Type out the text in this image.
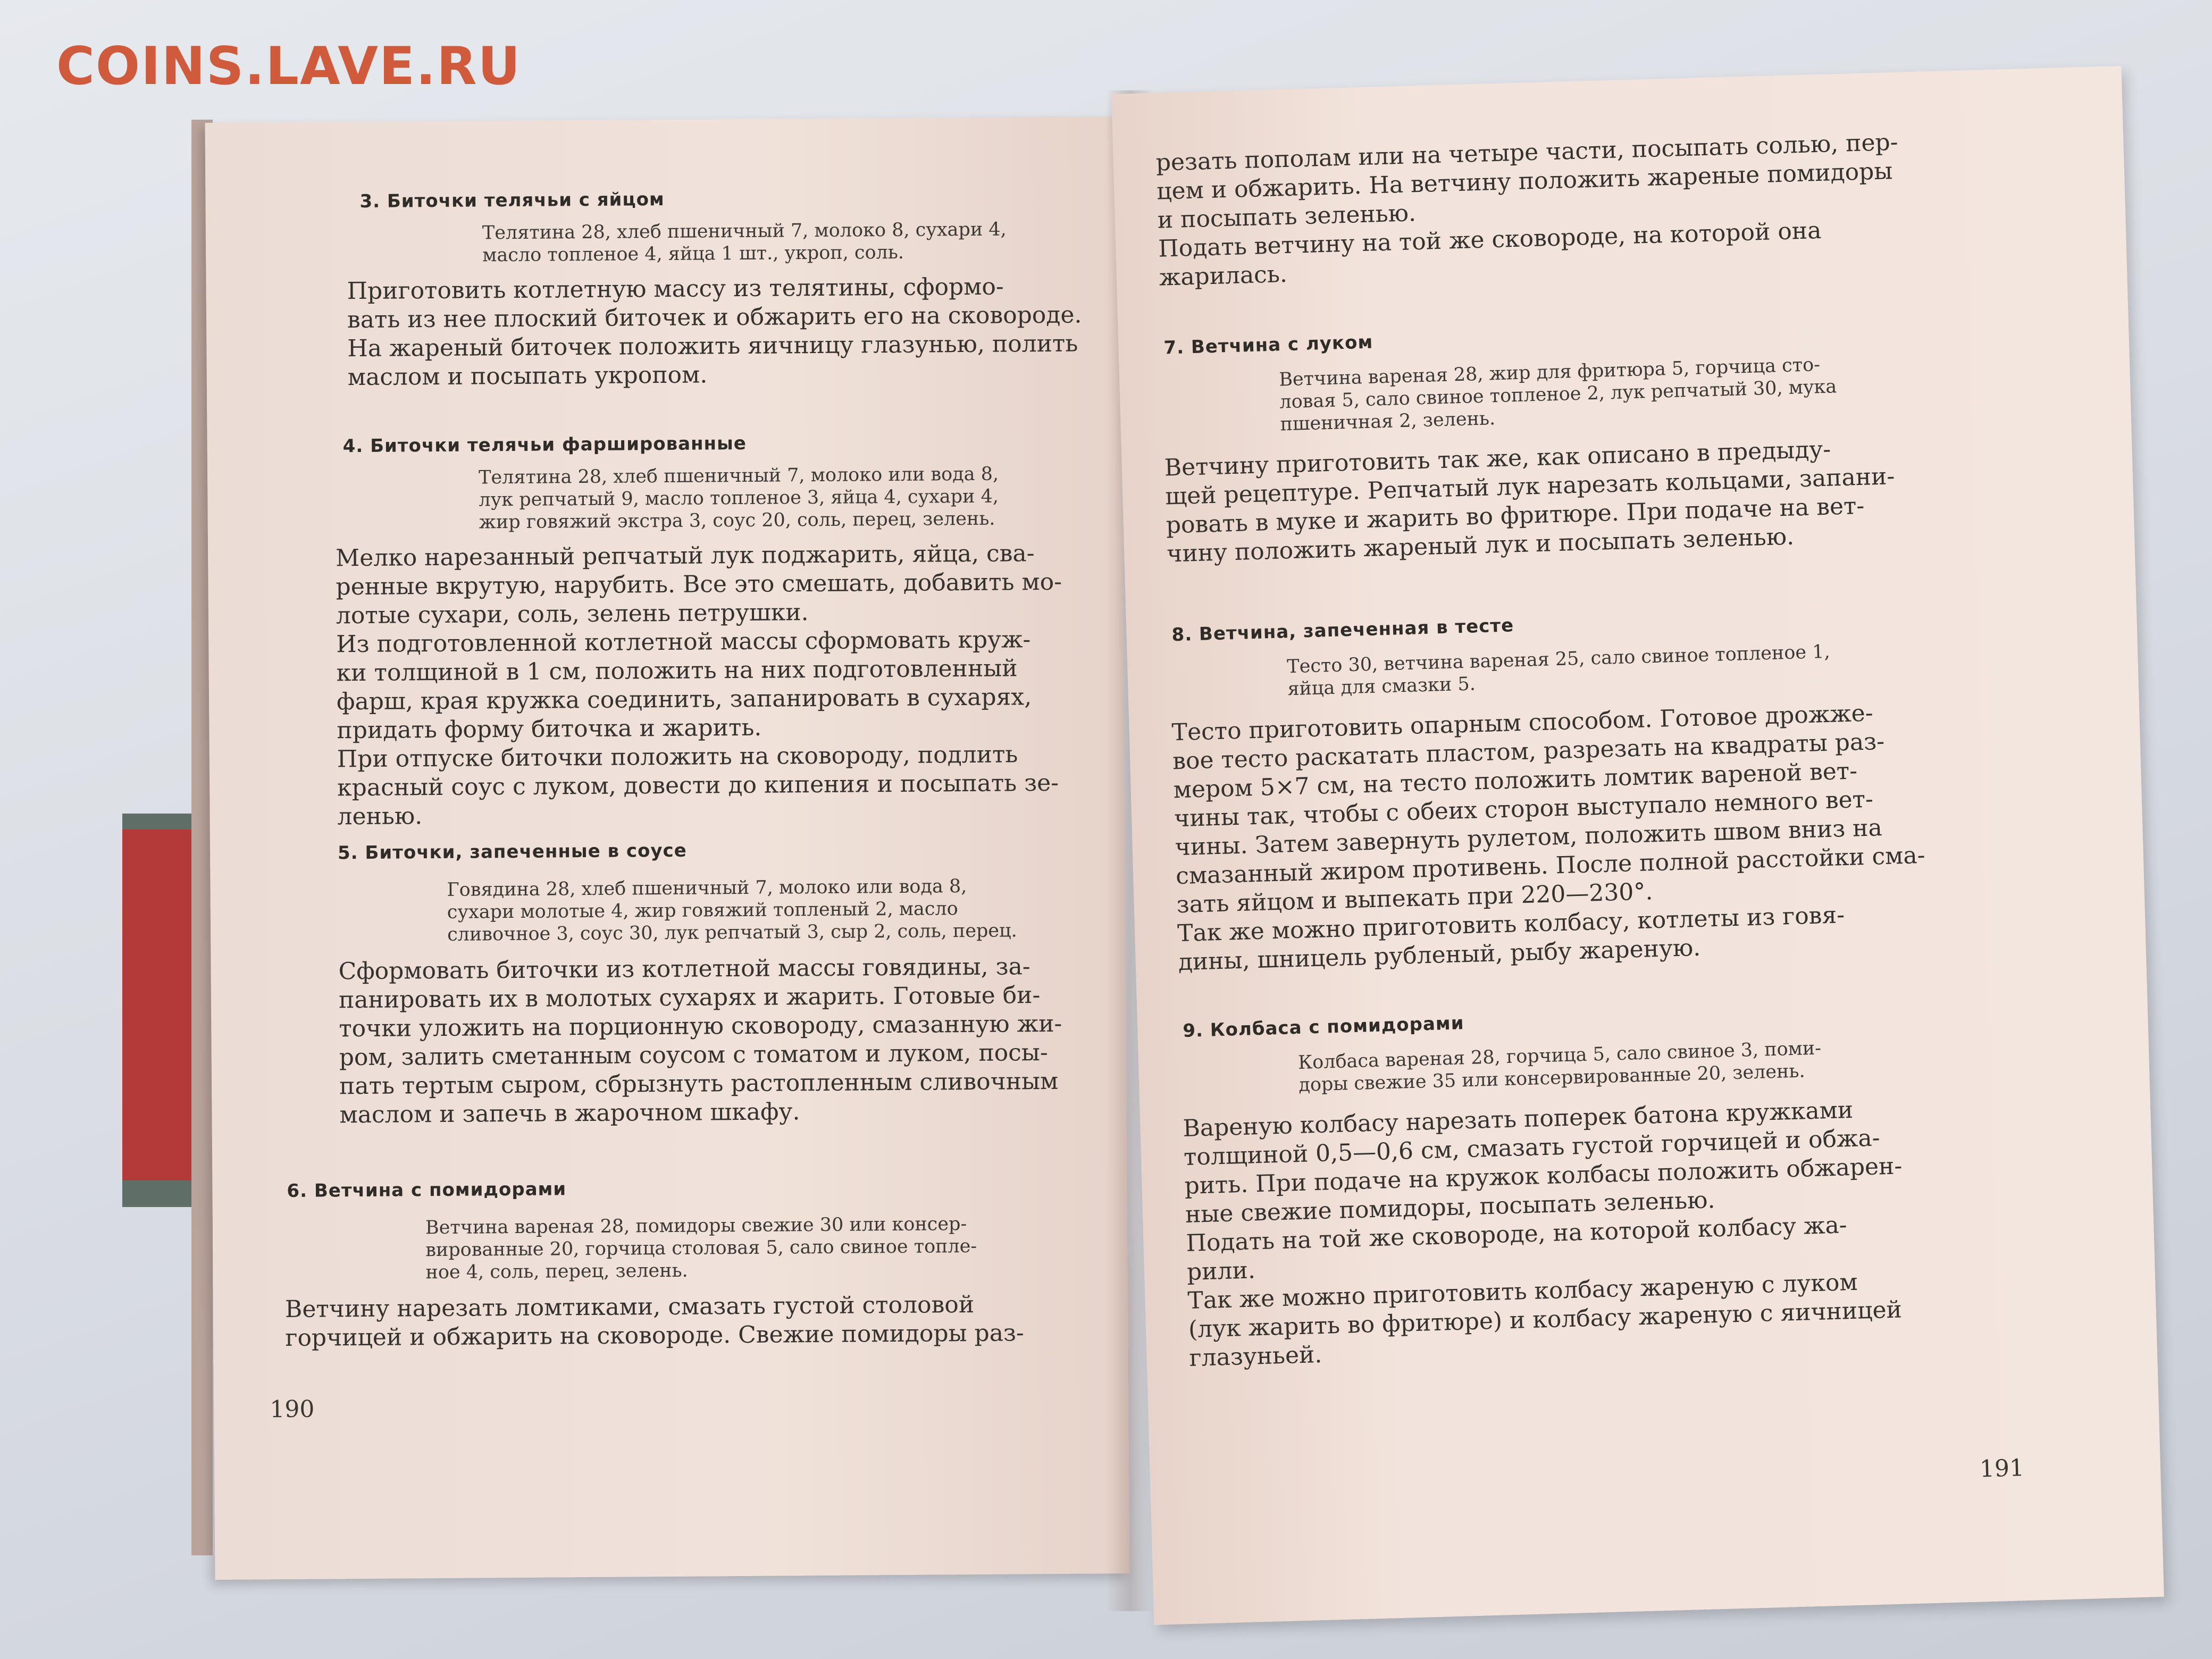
3. Биточки телячьи с яйцом
Телятина 28, хлеб пшеничный 7, молоко 8, сухари 4,
масло топленое 4, яйца 1 шт., укроп, соль.
Приготовить котлетную массу из телятины, сформо-
вать из нее плоский биточек и обжарить его на сковороде.
На жареный биточек положить яичницу глазунью, полить
маслом и посыпать укропом.
4. Биточки телячьи фаршированные
Телятина 28, хлеб пшеничный 7, молоко или вода 8,
лук репчатый 9, масло топленое 3, яйца 4, сухари 4,
жир говяжий экстра 3, соус 20, соль, перец, зелень.
Мелко нарезанный репчатый лук поджарить, яйца, сва-
ренные вкрутую, нарубить. Все это смешать, добавить мо-
лотые сухари, соль, зелень петрушки.
Из подготовленной котлетной массы сформовать круж-
ки толщиной в 1 см, положить на них подготовленный
фарш, края кружка соединить, запанировать в сухарях,
придать форму биточка и жарить.
При отпуске биточки положить на сковороду, подлить
красный соус с луком, довести до кипения и посыпать зе-
ленью.
5. Биточки, запеченные в соусе
Говядина 28, хлеб пшеничный 7, молоко или вода 8,
сухари молотые 4, жир говяжий топленый 2, масло
сливочное 3, соус 30, лук репчатый 3, сыр 2, соль, перец.
Сформовать биточки из котлетной массы говядины, за-
панировать их в молотых сухарях и жарить. Готовые би-
точки уложить на порционную сковороду, смазанную жи-
ром, залить сметанным соусом с томатом и луком, посы-
пать тертым сыром, сбрызнуть растопленным сливочным
маслом и запечь в жарочном шкафу.
6. Ветчина с помидорами
Ветчина вареная 28, помидоры свежие 30 или консер-
вированные 20, горчица столовая 5, сало свиное топле-
ное 4, соль, перец, зелень.
Ветчину нарезать ломтиками, смазать густой столовой
горчицей и обжарить на сковороде. Свежие помидоры раз-
190
резать пополам или на четыре части, посыпать солью, пер-
цем и обжарить. На ветчину положить жареные помидоры
и посыпать зеленью.
Подать ветчину на той же сковороде, на которой она
жарилась.
7. Ветчина с луком
Ветчина вареная 28, жир для фритюра 5, горчица сто-
ловая 5, сало свиное топленое 2, лук репчатый 30, мука
пшеничная 2, зелень.
Ветчину приготовить так же, как описано в предыду-
щей рецептуре. Репчатый лук нарезать кольцами, запани-
ровать в муке и жарить во фритюре. При подаче на вет-
чину положить жареный лук и посыпать зеленью.
8. Ветчина, запеченная в тесте
Тесто 30, ветчина вареная 25, сало свиное топленое 1,
яйца для смазки 5.
Тесто приготовить опарным способом. Готовое дрожже-
вое тесто раскатать пластом, разрезать на квадраты раз-
мером 5×7 см, на тесто положить ломтик вареной вет-
чины так, чтобы с обеих сторон выступало немного вет-
чины. Затем завернуть рулетом, положить швом вниз на
смазанный жиром противень. После полной расстойки сма-
зать яйцом и выпекать при 220—230°.
Так же можно приготовить колбасу, котлеты из говя-
дины, шницель рубленый, рыбу жареную.
9. Колбаса с помидорами
Колбаса вареная 28, горчица 5, сало свиное 3, поми-
доры свежие 35 или консервированные 20, зелень.
Вареную колбасу нарезать поперек батона кружками
толщиной 0,5—0,6 см, смазать густой горчицей и обжа-
рить. При подаче на кружок колбасы положить обжарен-
ные свежие помидоры, посыпать зеленью.
Подать на той же сковороде, на которой колбасу жа-
рили.
Так же можно приготовить колбасу жареную с луком
(лук жарить во фритюре) и колбасу жареную с яичницей
глазуньей.
191
COINS.LAVE.RU
